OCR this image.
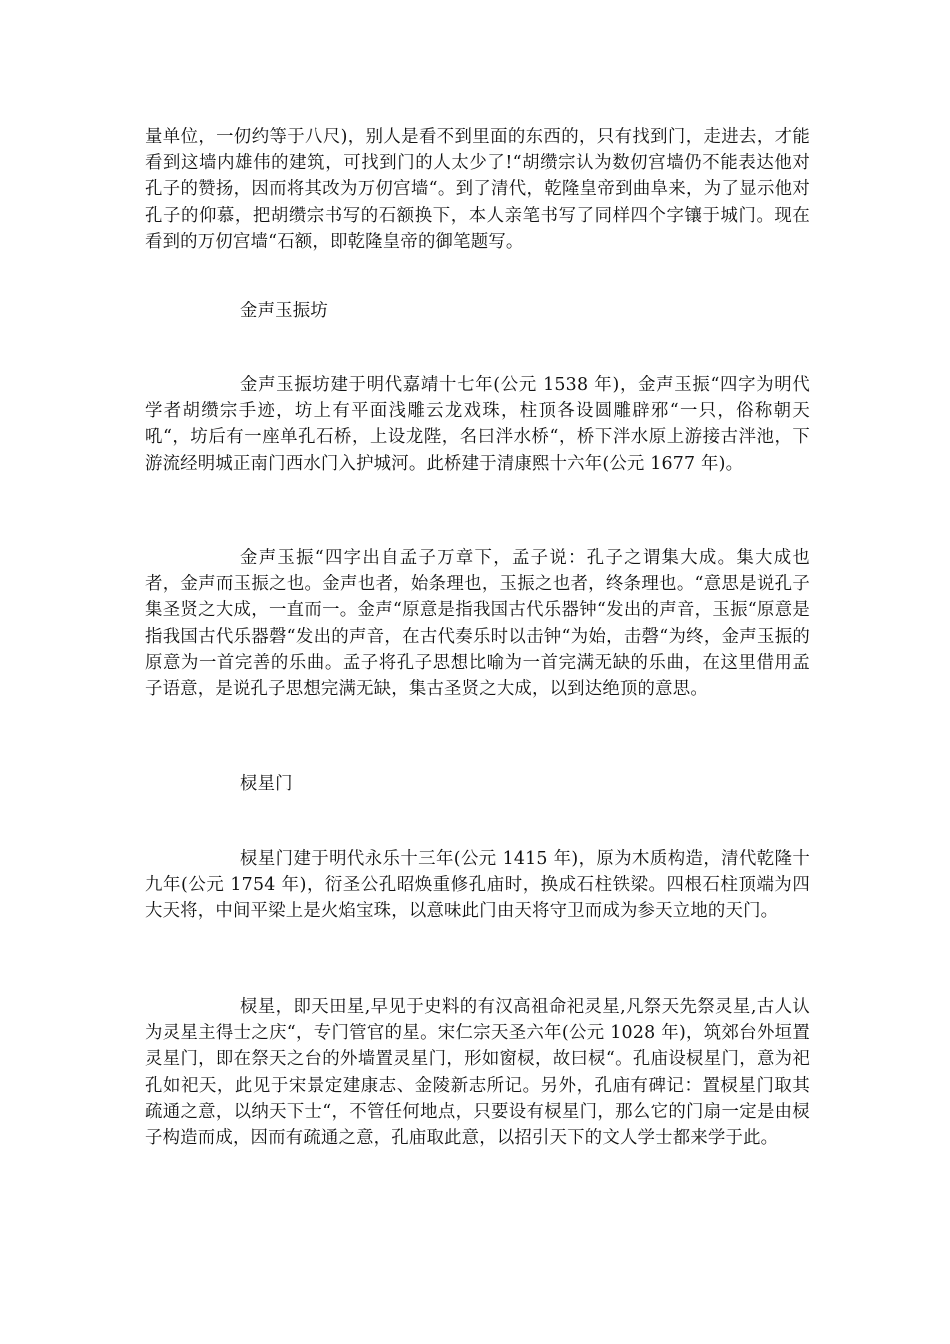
量单位，一仞约等于八尺)，别人是看不到里面的东西的，只有找到门，走进去，才能看到这墙内雄伟的建筑，可找到门的人太少了!“胡缵宗认为数仞宫墙仍不能表达他对孔子的赞扬，因而将其改为万仞宫墙“。到了清代，乾隆皇帝到曲阜来，为了显示他对孔子的仰慕，把胡缵宗书写的石额换下，本人亲笔书写了同样四个字镶于城门。现在看到的万仞宫墙“石额，即乾隆皇帝的御笔题写。

金声玉振坊

金声玉振坊建于明代嘉靖十七年(公元 1538 年)，金声玉振“四字为明代学者胡缵宗手迹，坊上有平面浅雕云龙戏珠，柱顶各设圆雕辟邪“一只，俗称朝天吼“，坊后有一座单孔石桥，上设龙陛，名曰泮水桥“，桥下泮水原上游接古泮池，下游流经明城正南门西水门入护城河。此桥建于清康熙十六年(公元 1677 年)。

金声玉振“四字出自孟子万章下，孟子说：孔子之谓集大成。集大成也者，金声而玉振之也。金声也者，始条理也，玉振之也者，终条理也。“意思是说孔子集圣贤之大成，一直而一。金声“原意是指我国古代乐器钟“发出的声音，玉振“原意是指我国古代乐器磬“发出的声音，在古代奏乐时以击钟“为始，击磬“为终，金声玉振的原意为一首完善的乐曲。孟子将孔子思想比喻为一首完满无缺的乐曲，在这里借用孟子语意，是说孔子思想完满无缺，集古圣贤之大成，以到达绝顶的意思。

棂星门

棂星门建于明代永乐十三年(公元 1415 年)，原为木质构造，清代乾隆十九年(公元 1754 年)，衍圣公孔昭焕重修孔庙时，换成石柱铁梁。四根石柱顶端为四大天将，中间平梁上是火焰宝珠，以意味此门由天将守卫而成为参天立地的天门。

棂星，即天田星,早见于史料的有汉高祖命祀灵星,凡祭天先祭灵星,古人认为灵星主得士之庆“，专门管官的星。宋仁宗天圣六年(公元 1028 年)，筑郊台外垣置灵星门，即在祭天之台的外墙置灵星门，形如窗棂，故曰棂“。孔庙设棂星门，意为祀孔如祀天，此见于宋景定建康志、金陵新志所记。另外，孔庙有碑记：置棂星门取其疏通之意，以纳天下士“，不管任何地点，只要设有棂星门，那么它的门扇一定是由棂子构造而成，因而有疏通之意，孔庙取此意，以招引天下的文人学士都来学于此。
